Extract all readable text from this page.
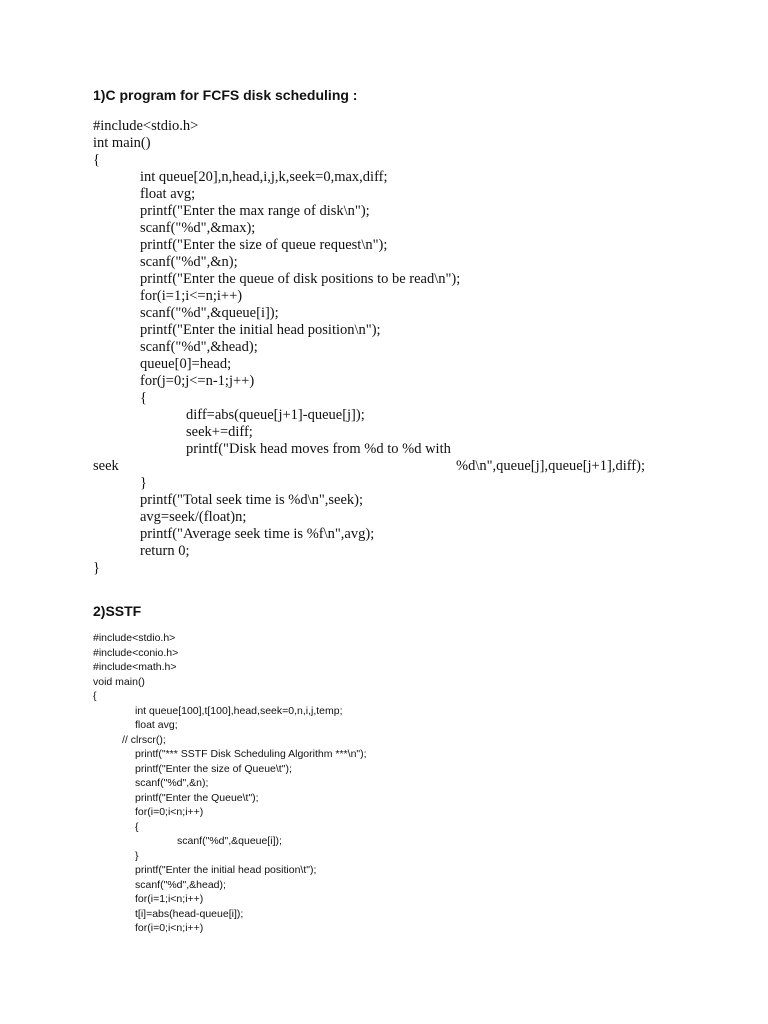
1)C program for FCFS disk scheduling :
#include<stdio.h>
int main()
{
int queue[20],n,head,i,j,k,seek=0,max,diff;
float avg;
printf("Enter the max range of disk\n");
scanf("%d",&max);
printf("Enter the size of queue request\n");
scanf("%d",&n);
printf("Enter the queue of disk positions to be read\n");
for(i=1;i<=n;i++)
scanf("%d",&queue[i]);
printf("Enter the initial head position\n");
scanf("%d",&head);
queue[0]=head;
for(j=0;j<=n-1;j++)
{
diff=abs(queue[j+1]-queue[j]);
seek+=diff;
printf("Disk head moves from %d to %d with
seek	%d\n",queue[j],queue[j+1],diff);
}
printf("Total seek time is %d\n",seek);
avg=seek/(float)n;
printf("Average seek time is %f\n",avg);
return 0;
}
2)SSTF
#include<stdio.h>
#include<conio.h>
#include<math.h>
void main()
{
int queue[100],t[100],head,seek=0,n,i,j,temp;
float avg;
// clrscr();
printf("*** SSTF Disk Scheduling Algorithm ***\n");
printf("Enter the size of Queue\t");
scanf("%d",&n);
printf("Enter the Queue\t");
for(i=0;i<n;i++)
{
scanf("%d",&queue[i]);
}
printf("Enter the initial head position\t");
scanf("%d",&head);
for(i=1;i<n;i++)
t[i]=abs(head-queue[i]);
for(i=0;i<n;i++)
